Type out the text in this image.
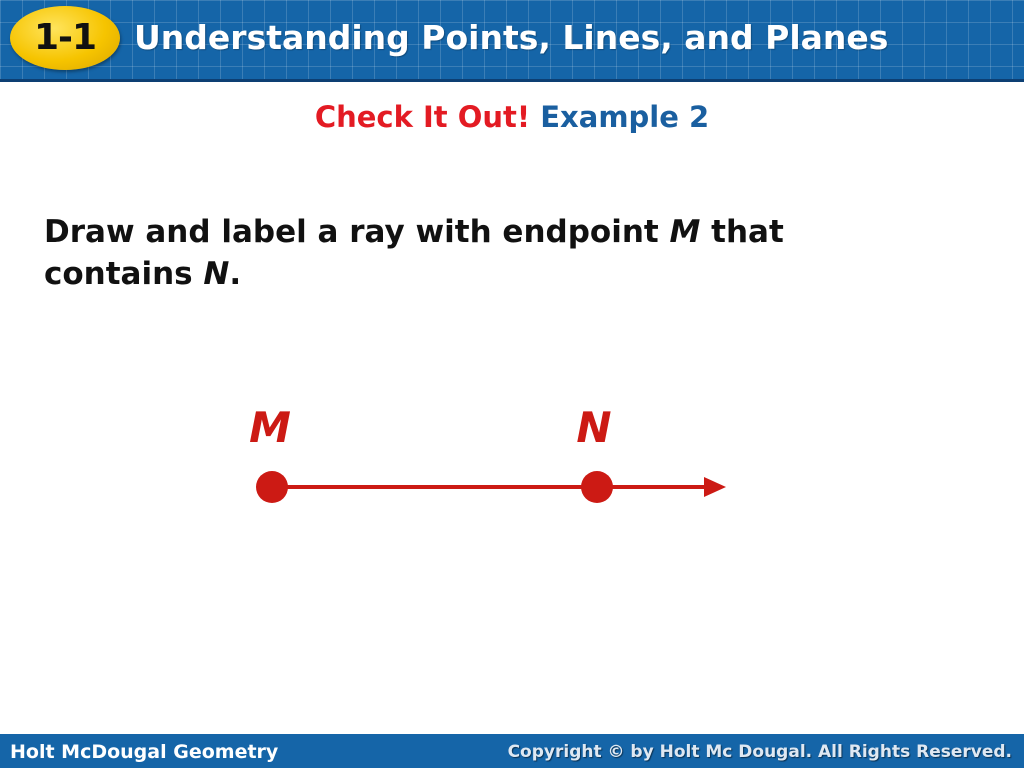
1-1	Understanding Points, Lines, and Planes
Check It Out! Example 2
Draw and label a ray with endpoint M that
contains N.
M	N
Holt McDougal Geometry	Copyright © by Holt Mc Dougal. All Rights Reserved.
